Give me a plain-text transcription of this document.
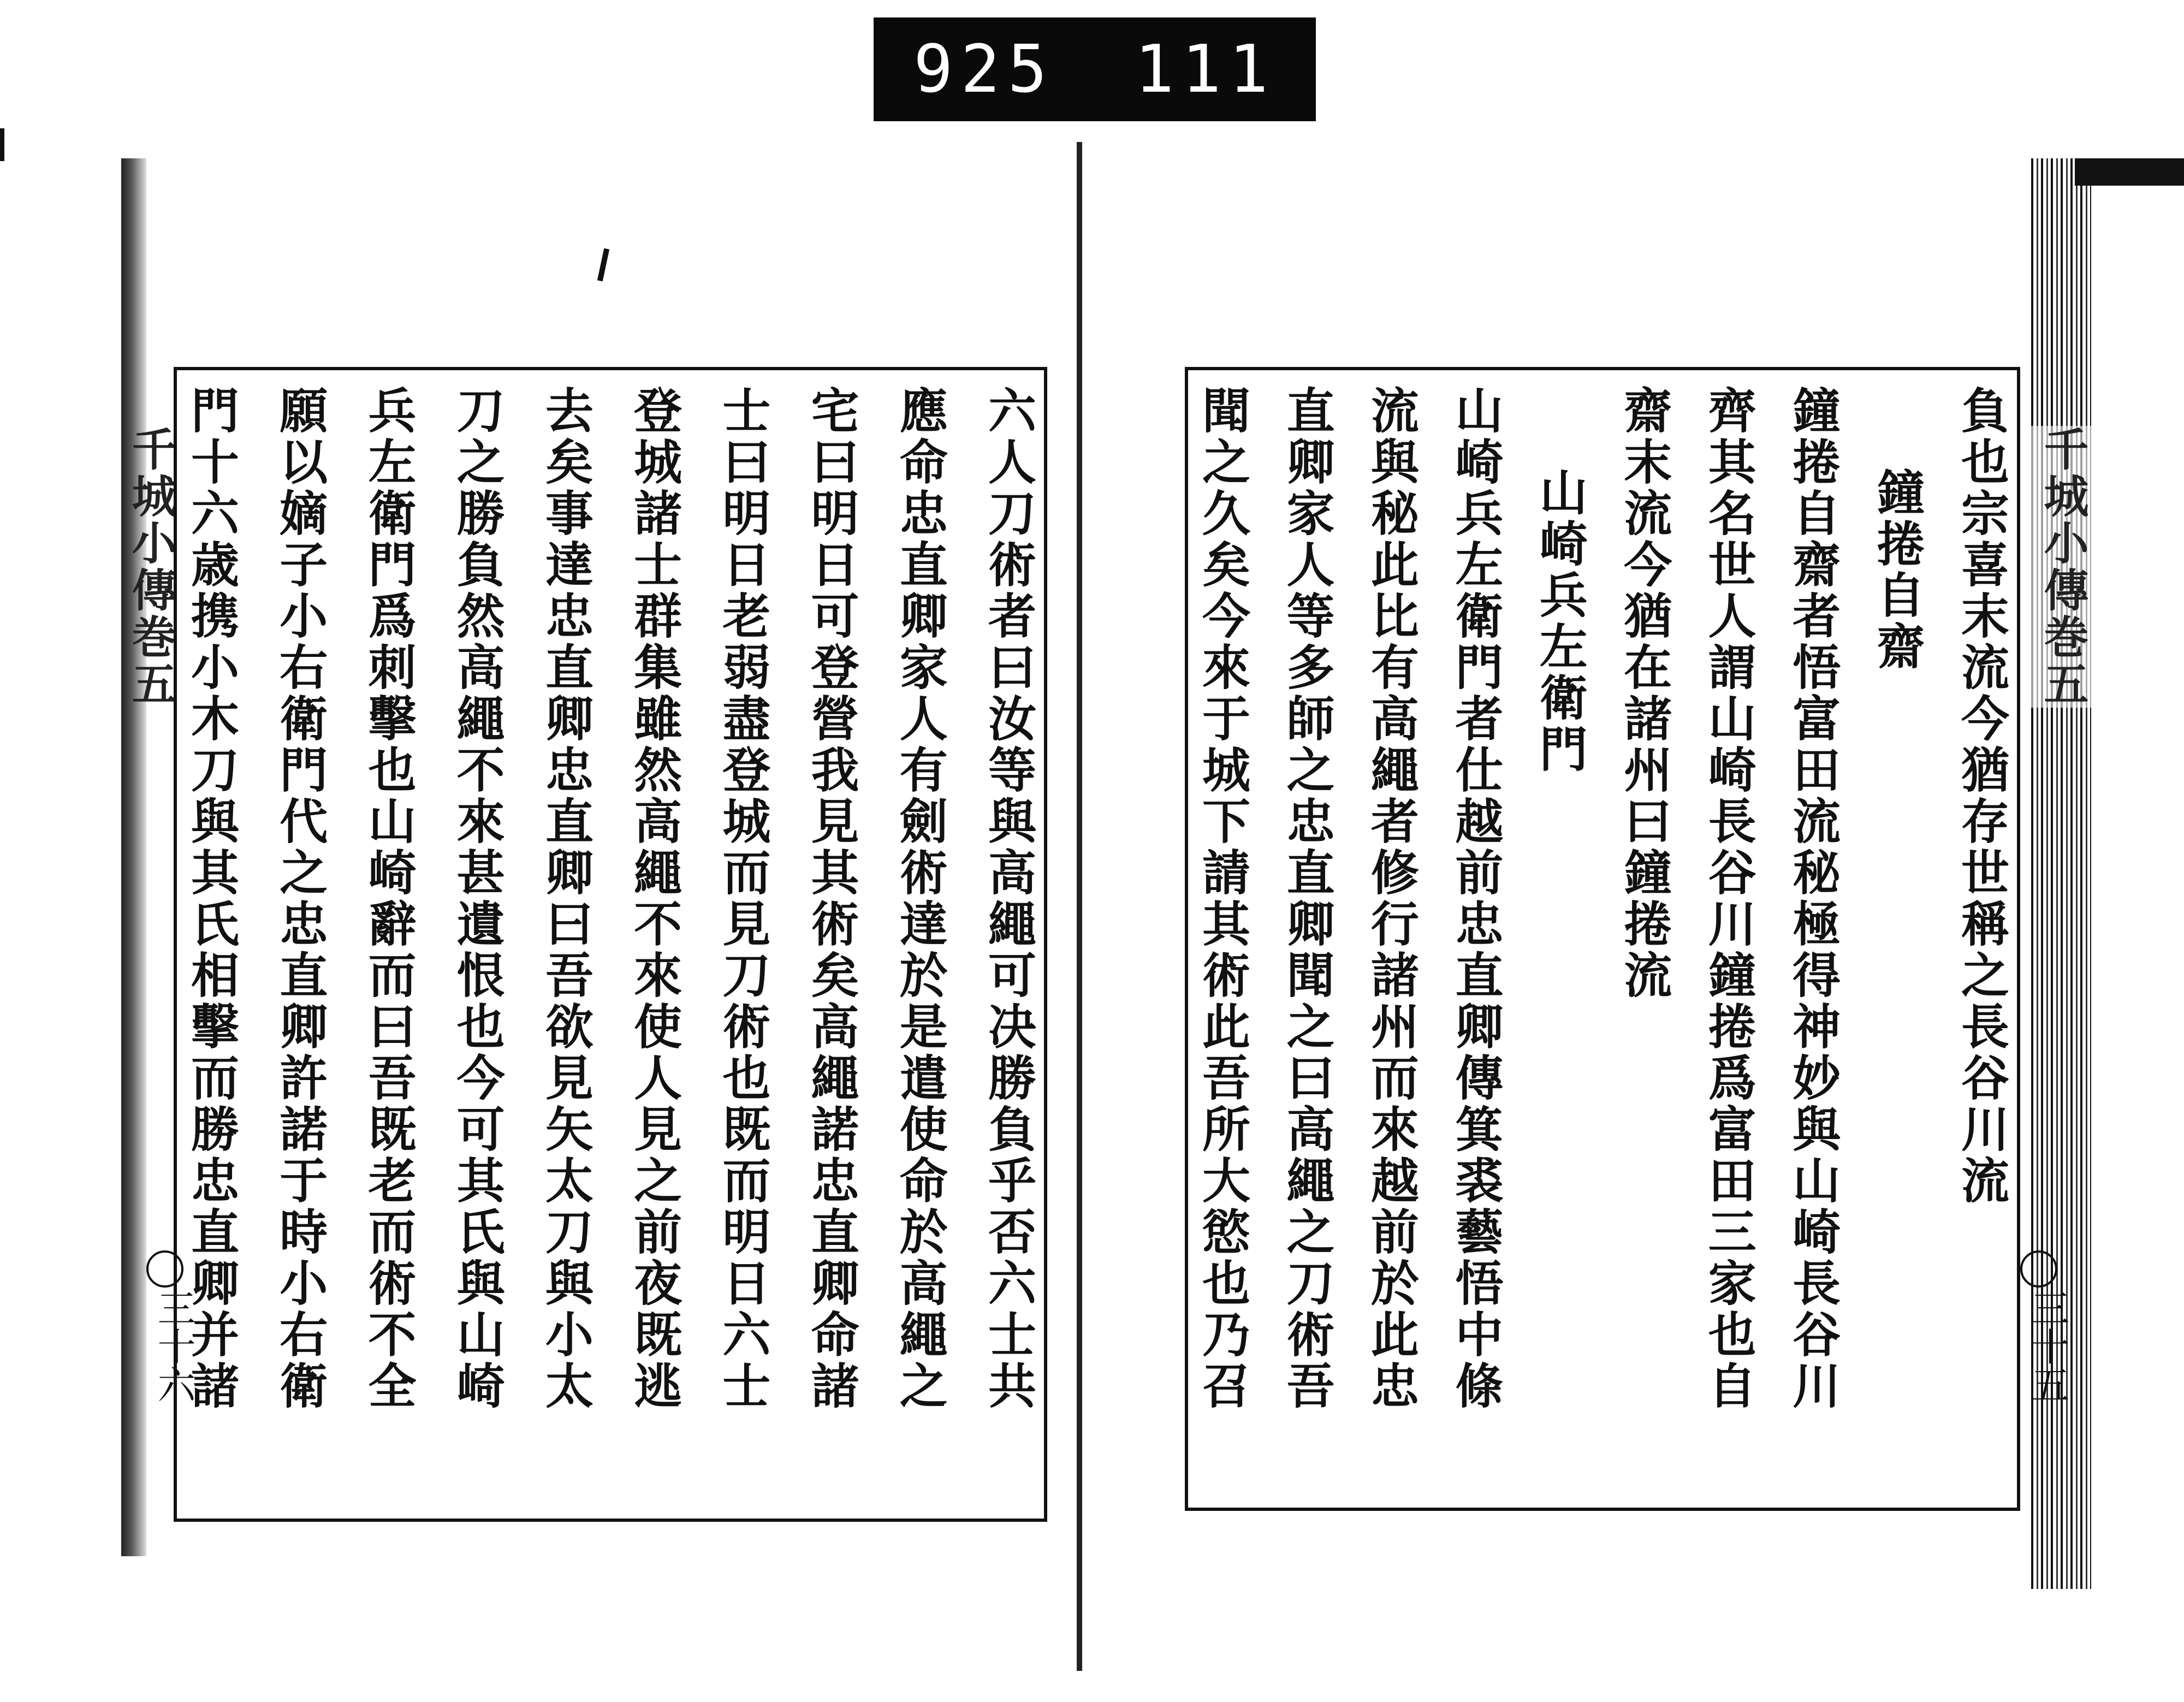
925 111
千城小傳巻五
三十六	六人刀術者曰汝等與高繩可决勝負乎否六士共
應命忠直卿家人有劍術達於是遣使命於高繩之
宅曰明日可登營我見其術矣高繩諾忠直卿命諸
士曰明日老弱盡登城而見刀術也既而明日六士
登城諸士群集雖然高繩不來使人見之前夜既逃
去矣事達忠直卿忠直卿曰吾欲見矢太刀與小太
刀之勝負然高繩不來甚遺恨也今可其氏與山崎
兵左衛門爲刺擊也山崎辭而曰吾既老而術不全
願以嫡子小右衛門代之忠直卿許諾于時小右衛
門十六歳携小木刀與其氏相擊而勝忠直卿并諸	千城小傳巻五
三十五
負也宗喜末流今猶存世稱之長谷川流
鐘捲自齋
鐘捲自齋者悟富田流秘極得神妙與山崎長谷川
齊其名世人謂山崎長谷川鐘捲爲富田三家也自
齋末流今猶在諸州曰鐘捲流
山崎兵左衛門
山崎兵左衛門者仕越前忠直卿傳箕裘藝悟中條
流與秘此比有高繩者修行諸州而來越前於此忠
直卿家人等多師之忠直卿聞之曰高繩之刀術吾
聞之久矣今來于城下請其術此吾所大慾也乃召
